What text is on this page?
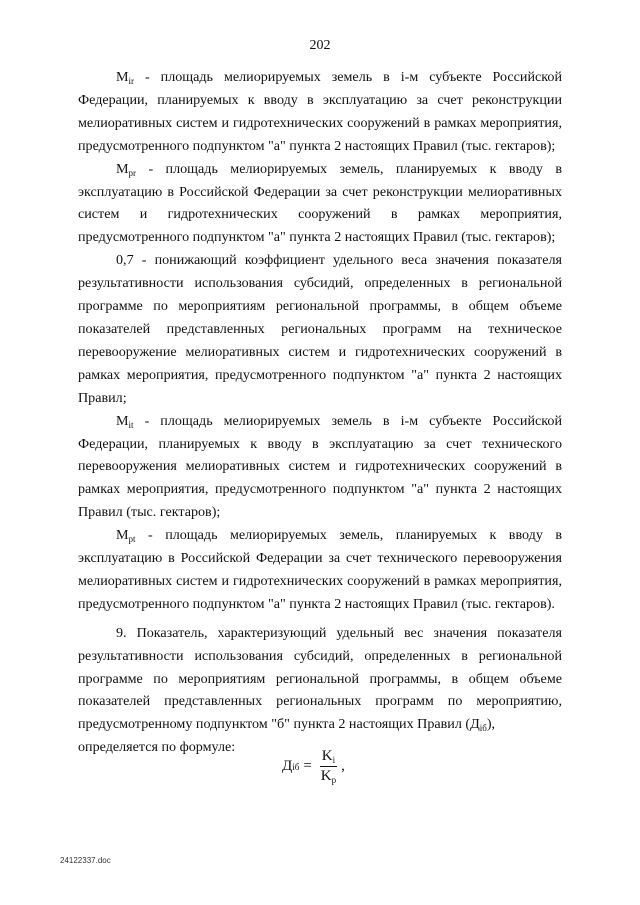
202

$M_{ir}$ - площадь мелиорируемых земель в i-м субъекте Российской Федерации, планируемых к вводу в эксплуатацию за счет реконструкции мелиоративных систем и гидротехнических сооружений в рамках мероприятия, предусмотренного подпунктом "а" пункта 2 настоящих Правил (тыс. гектаров);

$M_{pr}$ - площадь мелиорируемых земель, планируемых к вводу в эксплуатацию в Российской Федерации за счет реконструкции мелиоративных систем и гидротехнических сооружений в рамках мероприятия, предусмотренного подпунктом "а" пункта 2 настоящих Правил (тыс. гектаров);

0,7 - понижающий коэффициент удельного веса значения показателя результативности использования субсидий, определенных в региональной программе по мероприятиям региональной программы, в общем объеме показателей представленных региональных программ на техническое перевооружение мелиоративных систем и гидротехнических сооружений в рамках мероприятия, предусмотренного подпунктом "а" пункта 2 настоящих Правил;

$M_{it}$ - площадь мелиорируемых земель в i-м субъекте Российской Федерации, планируемых к вводу в эксплуатацию за счет технического перевооружения мелиоративных систем и гидротехнических сооружений в рамках мероприятия, предусмотренного подпунктом "а" пункта 2 настоящих Правил (тыс. гектаров);

$M_{pt}$ - площадь мелиорируемых земель, планируемых к вводу в эксплуатацию в Российской Федерации за счет технического перевооружения мелиоративных систем и гидротехнических сооружений в рамках мероприятия, предусмотренного подпунктом "а" пункта 2 настоящих Правил (тыс. гектаров).

9. Показатель, характеризующий удельный вес значения показателя результативности использования субсидий, определенных в региональной программе по мероприятиям региональной программы, в общем объеме показателей представленных региональных программ по мероприятию, предусмотренному подпунктом "б" пункта 2 настоящих Правил $(Д_{iб})$,

определяется по формуле:

Д iб = $\frac{K_i}{K_p}$ ,
24122337.doc
